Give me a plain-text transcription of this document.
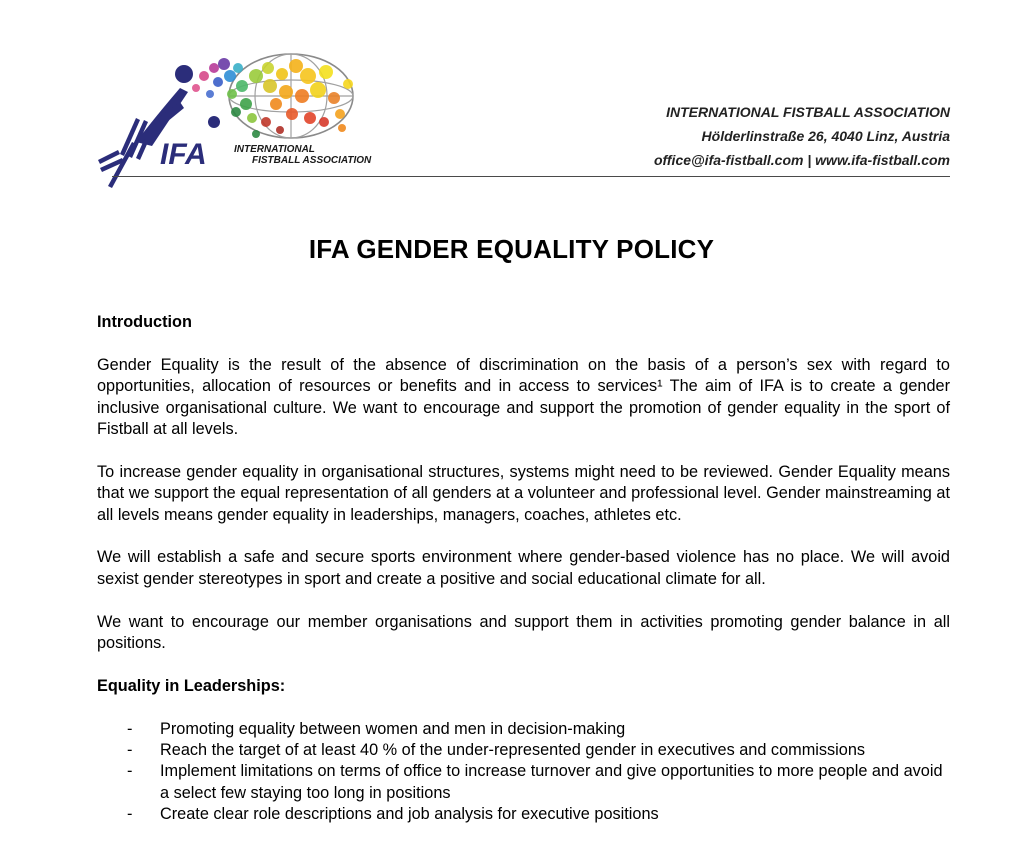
IFA	INTERNATIONAL
FISTBALL ASSOCIATION
INTERNATIONAL FISTBALL ASSOCIATION
Hölderlinstraße 26, 4040 Linz, Austria
office@ifa-fistball.com | www.ifa-fistball.com
IFA GENDER EQUALITY POLICY

Introduction

Gender Equality is the result of the absence of discrimination on the basis of a person’s sex with regard to opportunities, allocation of resources or benefits and in access to services¹ The aim of IFA is to create a gender inclusive organisational culture. We want to encourage and support the promotion of gender equality in the sport of Fistball at all levels.

To increase gender equality in organisational structures, systems might need to be reviewed. Gender Equality means that we support the equal representation of all genders at a volunteer and professional level. Gender mainstreaming at all levels means gender equality in leaderships, managers, coaches, athletes etc.

We will establish a safe and secure sports environment where gender-based violence has no place. We will avoid sexist gender stereotypes in sport and create a positive and social educational climate for all.

We want to encourage our member organisations and support them in activities promoting gender balance in all positions.

Equality in Leaderships:

- Promoting equality between women and men in decision-making
- Reach the target of at least 40 % of the under-represented gender in executives and commissions
- Implement limitations on terms of office to increase turnover and give opportunities to more people and avoid a select few staying too long in positions
- Create clear role descriptions and job analysis for executive positions
